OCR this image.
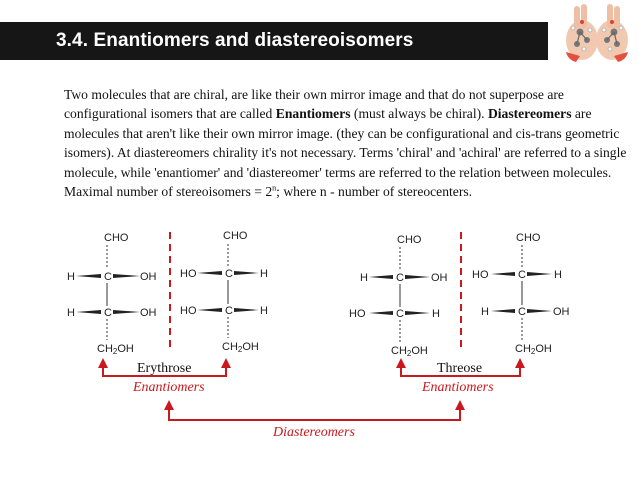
3.4. Enantiomers and diastereoisomers
Two molecules that are chiral, are like their own mirror image and that do not superpose are configurational isomers that are called Enantiomers (must always be chiral). Diastereomers are molecules that aren't like their own mirror image. (they can be configurational and cis-trans geometric isomers). At diastereomers chirality it's not necessary. Terms 'chiral' and 'achiral' are referred to a single molecule, while 'enantiomer' and 'diastereomer' terms are referred to the relation between molecules. Maximal number of stereoisomers = $2^n$; where n - number of stereocenters.
CHO
C
H	OH
C
H	OH
CH2OH
CHO
C
HO	H
C
HO	H
CH2OH
CHO
C
H	OH
C
HO	H
CH2OH
CHO
C
HO	H
C
H	OH
CH2OH
Erythrose	Threose
Enantiomers	Enantiomers
Diastereomers
